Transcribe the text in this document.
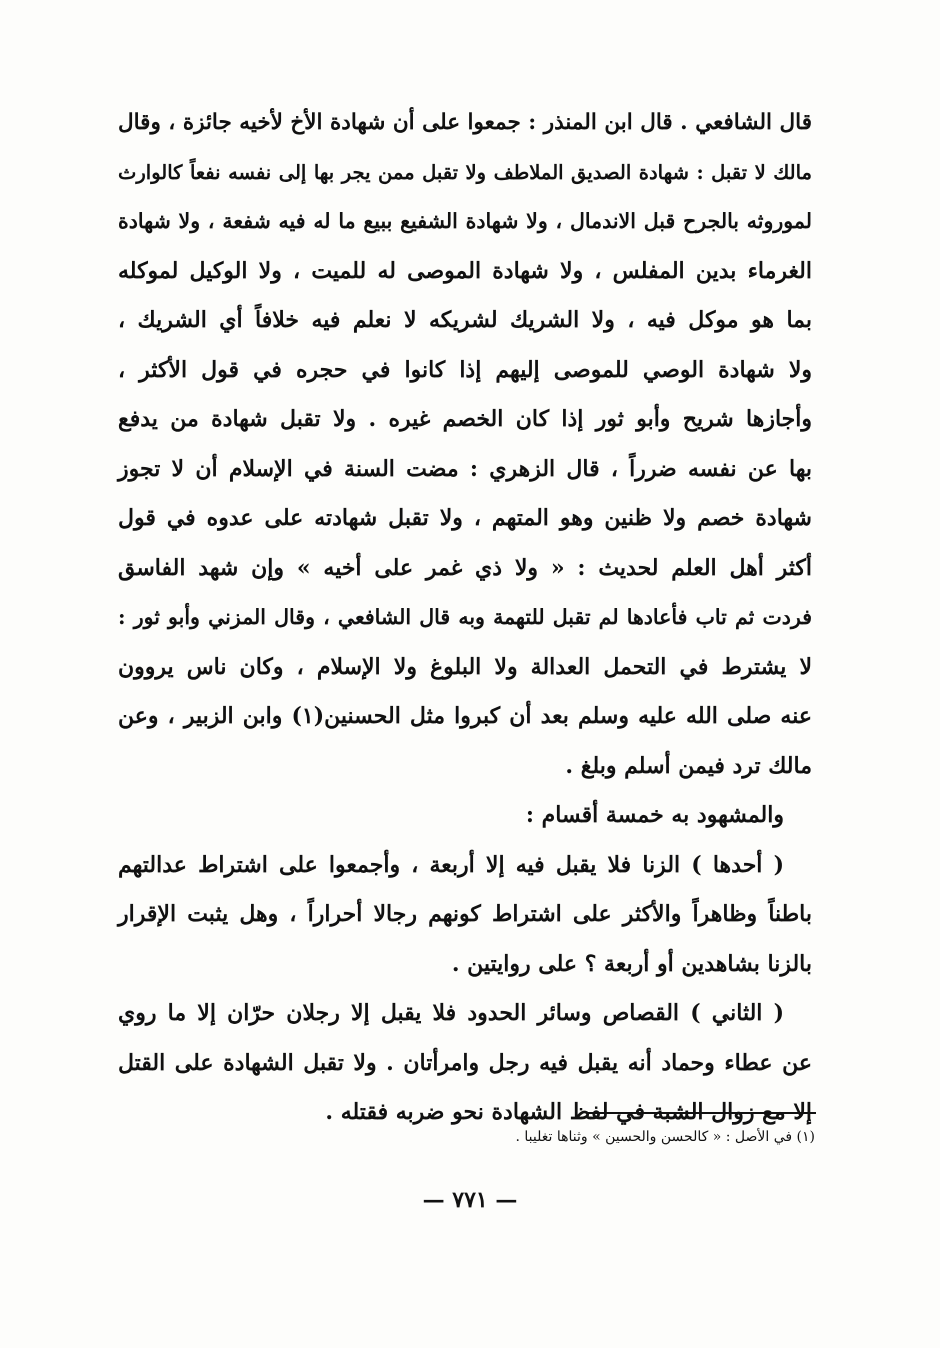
قال الشافعي . قال ابن المنذر : جمعوا على أن شهادة الأخ لأخيه جائزة ، وقال
مالك لا تقبل : شهادة الصديق الملاطف ولا تقبل ممن يجر بها إلى نفسه نفعاً كالوارث
لموروثه بالجرح قبل الاندمال ، ولا شهادة الشفيع ببيع ما له فيه شفعة ، ولا شهادة
الغرماء بدين المفلس ، ولا شهادة الموصى له للميت ، ولا الوكيل لموكله
بما هو موكل فيه ، ولا الشريك لشريكه لا نعلم فيه خلافاً أي الشريك ،
ولا شهادة الوصي للموصى إليهم إذا كانوا في حجره في قول الأكثر ،
وأجازها شريح وأبو ثور إذا كان الخصم غيره . ولا تقبل شهادة من يدفع
بها عن نفسه ضرراً ، قال الزهري : مضت السنة في الإسلام أن لا تجوز
شهادة خصم ولا ظنين وهو المتهم ، ولا تقبل شهادته على عدوه في قول
أكثر أهل العلم لحديث : « ولا ذي غمر على أخيه » وإن شهد الفاسق
فردت ثم تاب فأعادها لم تقبل للتهمة وبه قال الشافعي ، وقال المزني وأبو ثور :
لا يشترط في التحمل العدالة ولا البلوغ ولا الإسلام ، وكان ناس يروون
عنه صلى الله عليه وسلم بعد أن كبروا مثل الحسنين(١) وابن الزبير ، وعن
مالك ترد فيمن أسلم وبلغ .
والمشهود به خمسة أقسام :
( أحدها ) الزنا فلا يقبل فيه إلا أربعة ، وأجمعوا على اشتراط عدالتهم
باطناً وظاهراً والأكثر على اشتراط كونهم رجالا أحراراً ، وهل يثبت الإقرار
بالزنا بشاهدين أو أربعة ؟ على روايتين .
( الثاني ) القصاص وسائر الحدود فلا يقبل إلا رجلان حرّان إلا ما روي
عن عطاء وحماد أنه يقبل فيه رجل وامرأتان . ولا تقبل الشهادة على القتل
إلا مع زوال الشبة في لفظ الشهادة نحو ضربه فقتله .
(١) في الأصل : « كالحسن والحسين » وثناها تغليبا .
— ٧٧١ —
